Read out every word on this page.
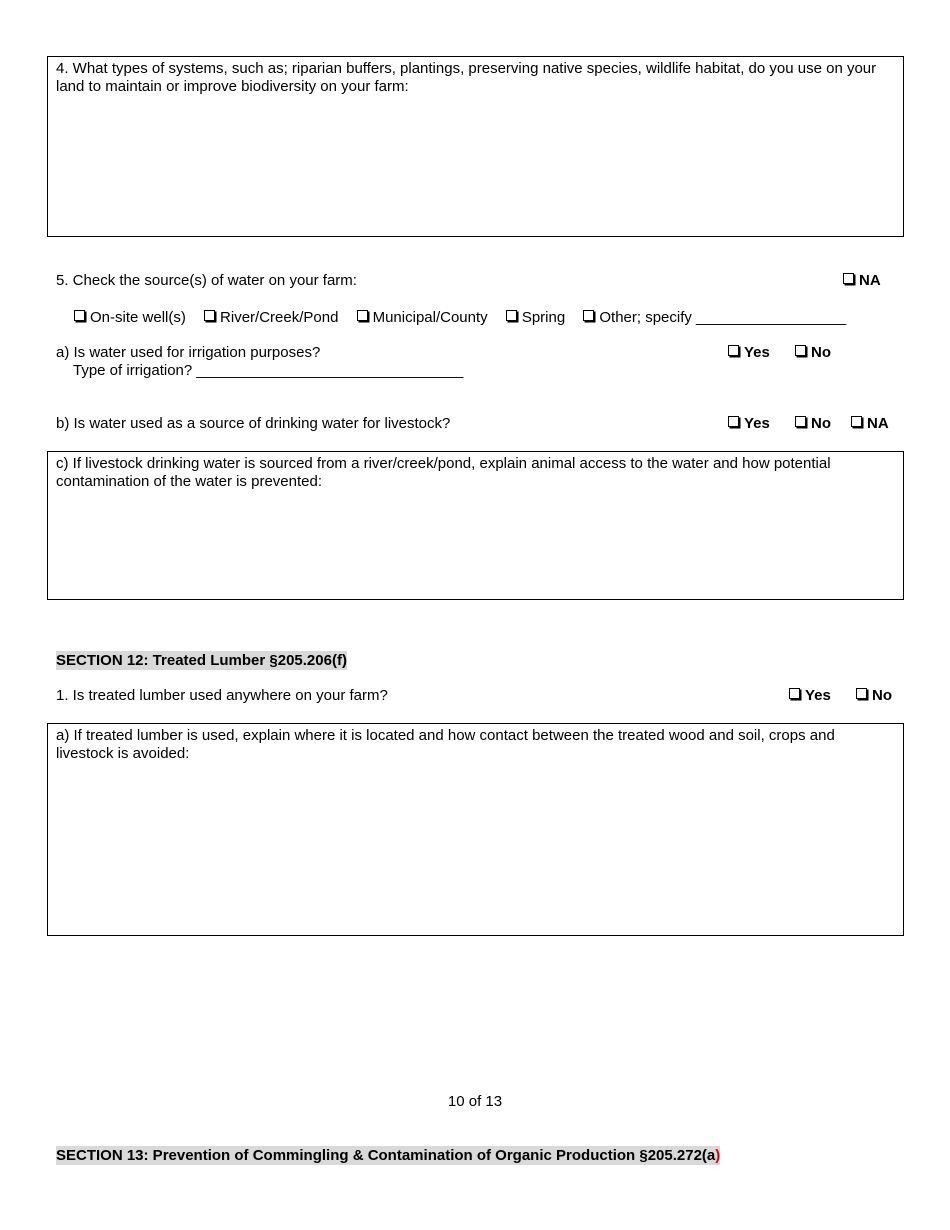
4. What types of systems, such as; riparian buffers, plantings, preserving native species, wildlife habitat, do you use on your land to maintain or improve biodiversity on your farm:
5. Check the source(s) of water on your farm:	NA
On-site well(s) River/Creek/Pond Municipal/County Spring Other; specify __________________
a) Is water used for irrigation purposes?
Type of irrigation? ________________________________
Yes	No
b) Is water used as a source of drinking water for livestock?	Yes	No	NA
c) If livestock drinking water is sourced from a river/creek/pond, explain animal access to the water and how potential contamination of the water is prevented:
SECTION 12: Treated Lumber §205.206(f)
1. Is treated lumber used anywhere on your farm?	Yes	No
a) If treated lumber is used, explain where it is located and how contact between the treated wood and soil, crops and livestock is avoided:
10 of 13
SECTION 13: Prevention of Commingling & Contamination of Organic Production §205.272(a)
